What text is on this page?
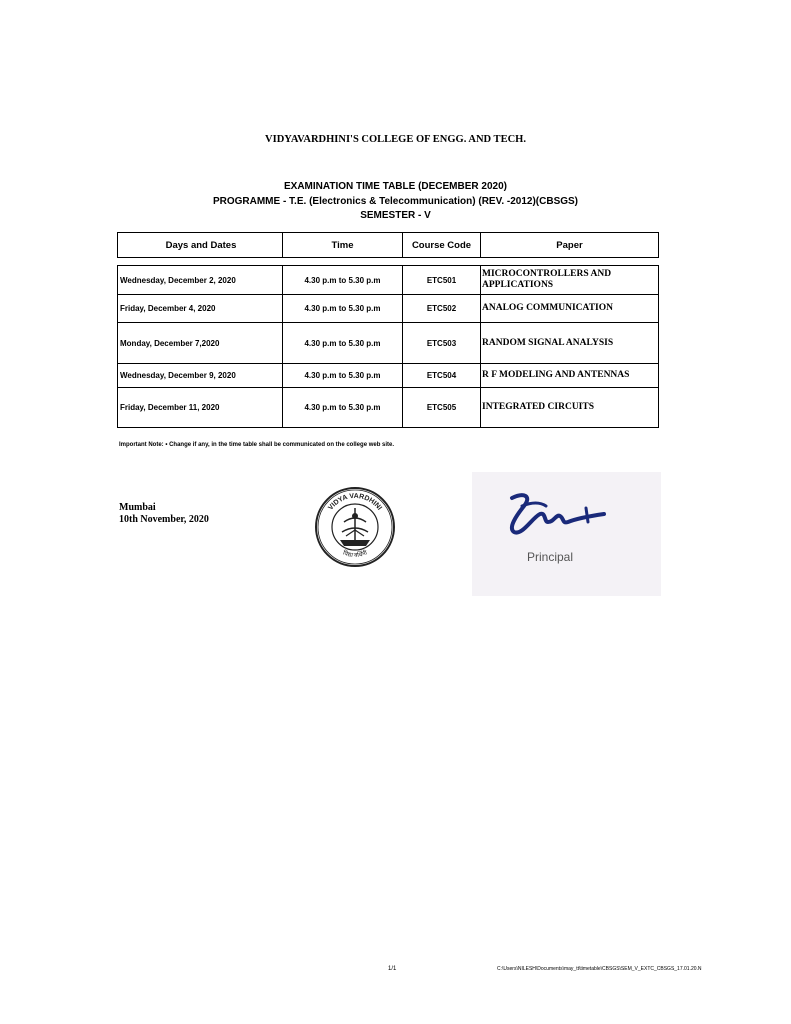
VIDYAVARDHINI'S COLLEGE OF ENGG. AND TECH.
EXAMINATION TIME TABLE (DECEMBER 2020)
PROGRAMME - T.E. (Electronics & Telecommunication) (REV. -2012)(CBSGS)
SEMESTER - V
Days and Dates	Time	Course Code	Paper
Wednesday, December 2, 2020	4.30 p.m to 5.30 p.m	ETC501	MICROCONTROLLERS AND APPLICATIONS
Friday, December 4, 2020	4.30 p.m to 5.30 p.m	ETC502	ANALOG COMMUNICATION
Monday, December 7,2020	4.30 p.m to 5.30 p.m	ETC503	RANDOM SIGNAL ANALYSIS
Wednesday, December 9, 2020	4.30 p.m to 5.30 p.m	ETC504	R F MODELING AND ANTENNAS
Friday, December 11, 2020	4.30 p.m to 5.30 p.m	ETC505	INTEGRATED CIRCUITS
Important Note: • Change if any, in the time table shall be communicated on the college web site.
Mumbai
10th November, 2020
VIDYA VARDHINI
विद्या वर्धिनी	Principal
1/1	C:\Users\NILESH\Documents\may_tt\timetable\CBSGS\SEM_V_EXTC_CBSGS_17.01.20.N
